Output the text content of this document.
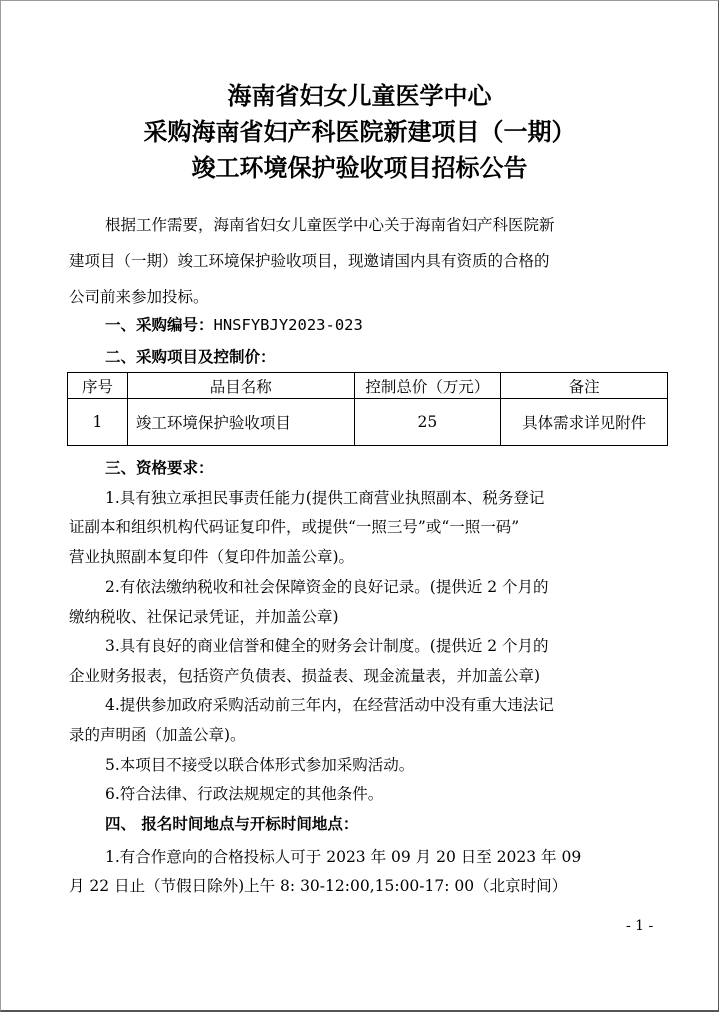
海南省妇女儿童医学中心
采购海南省妇产科医院新建项目（一期）
竣工环境保护验收项目招标公告
根据工作需要，海南省妇女儿童医学中心关于海南省妇产科医院新
建项目（一期）竣工环境保护验收项目，现邀请国内具有资质的合格的
公司前来参加投标。
一、采购编号：HNSFYBJY2023-023
二、采购项目及控制价：
序号	品目名称	控制总价（万元）	备注
1	竣工环境保护验收项目	25	具体需求详见附件
三、资格要求：
1.具有独立承担民事责任能力(提供工商营业执照副本、税务登记
证副本和组织机构代码证复印件，或提供“一照三号”或“一照一码”
营业执照副本复印件（复印件加盖公章)。
2.有依法缴纳税收和社会保障资金的良好记录。(提供近 2 个月的
缴纳税收、社保记录凭证，并加盖公章)
3.具有良好的商业信誉和健全的财务会计制度。(提供近 2 个月的
企业财务报表，包括资产负债表、损益表、现金流量表，并加盖公章)
4.提供参加政府采购活动前三年内，在经营活动中没有重大违法记
录的声明函（加盖公章)。
5.本项目不接受以联合体形式参加采购活动。
6.符合法律、行政法规规定的其他条件。
四、 报名时间地点与开标时间地点：
1.有合作意向的合格投标人可于 2023 年 09 月 20 日至 2023 年 09
月 22 日止（节假日除外)上午 8: 30-12:00,15:00-17: 00（北京时间）
- 1 -
